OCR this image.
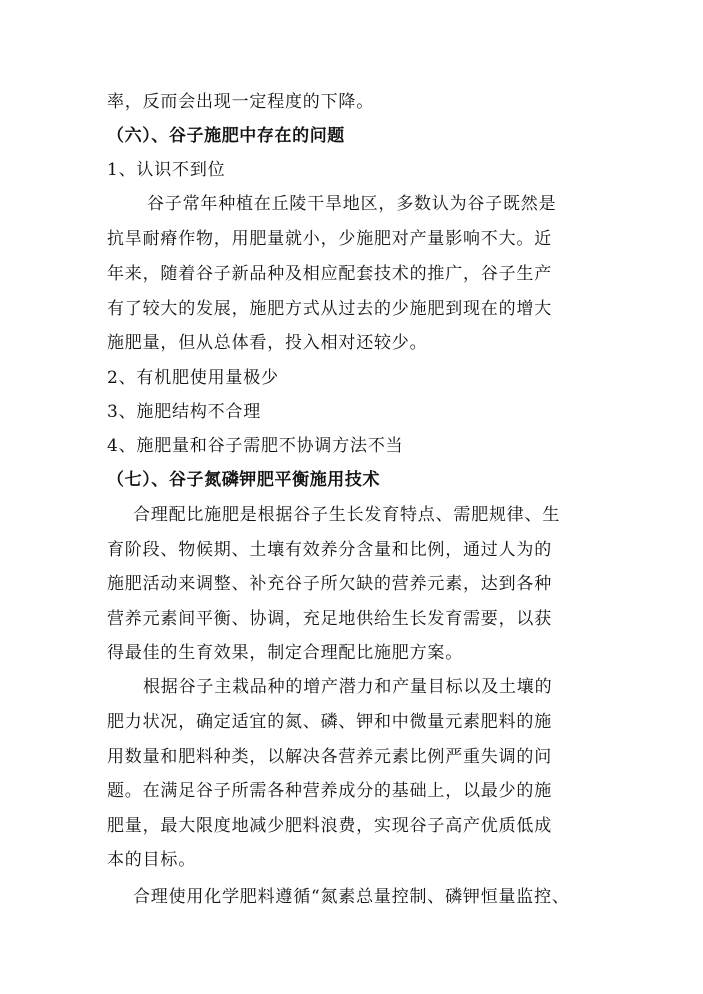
率，反而会出现一定程度的下降。
（六）、谷子施肥中存在的问题
1、认识不到位
谷子常年种植在丘陵干旱地区，多数认为谷子既然是
抗旱耐瘠作物，用肥量就小，少施肥对产量影响不大。近
年来，随着谷子新品种及相应配套技术的推广，谷子生产
有了较大的发展，施肥方式从过去的少施肥到现在的增大
施肥量，但从总体看，投入相对还较少。
2、有机肥使用量极少
3、施肥结构不合理
4、施肥量和谷子需肥不协调方法不当
（七）、谷子氮磷钾肥平衡施用技术
合理配比施肥是根据谷子生长发育特点、需肥规律、生
育阶段、物候期、土壤有效养分含量和比例，通过人为的
施肥活动来调整、补充谷子所欠缺的营养元素，达到各种
营养元素间平衡、协调，充足地供给生长发育需要，以获
得最佳的生育效果，制定合理配比施肥方案。
根据谷子主栽品种的增产潜力和产量目标以及土壤的
肥力状况，确定适宜的氮、磷、钾和中微量元素肥料的施
用数量和肥料种类，以解决各营养元素比例严重失调的问
题。在满足谷子所需各种营养成分的基础上，以最少的施
肥量，最大限度地减少肥料浪费，实现谷子高产优质低成
本的目标。
合理使用化学肥料遵循“氮素总量控制、磷钾恒量监控、
